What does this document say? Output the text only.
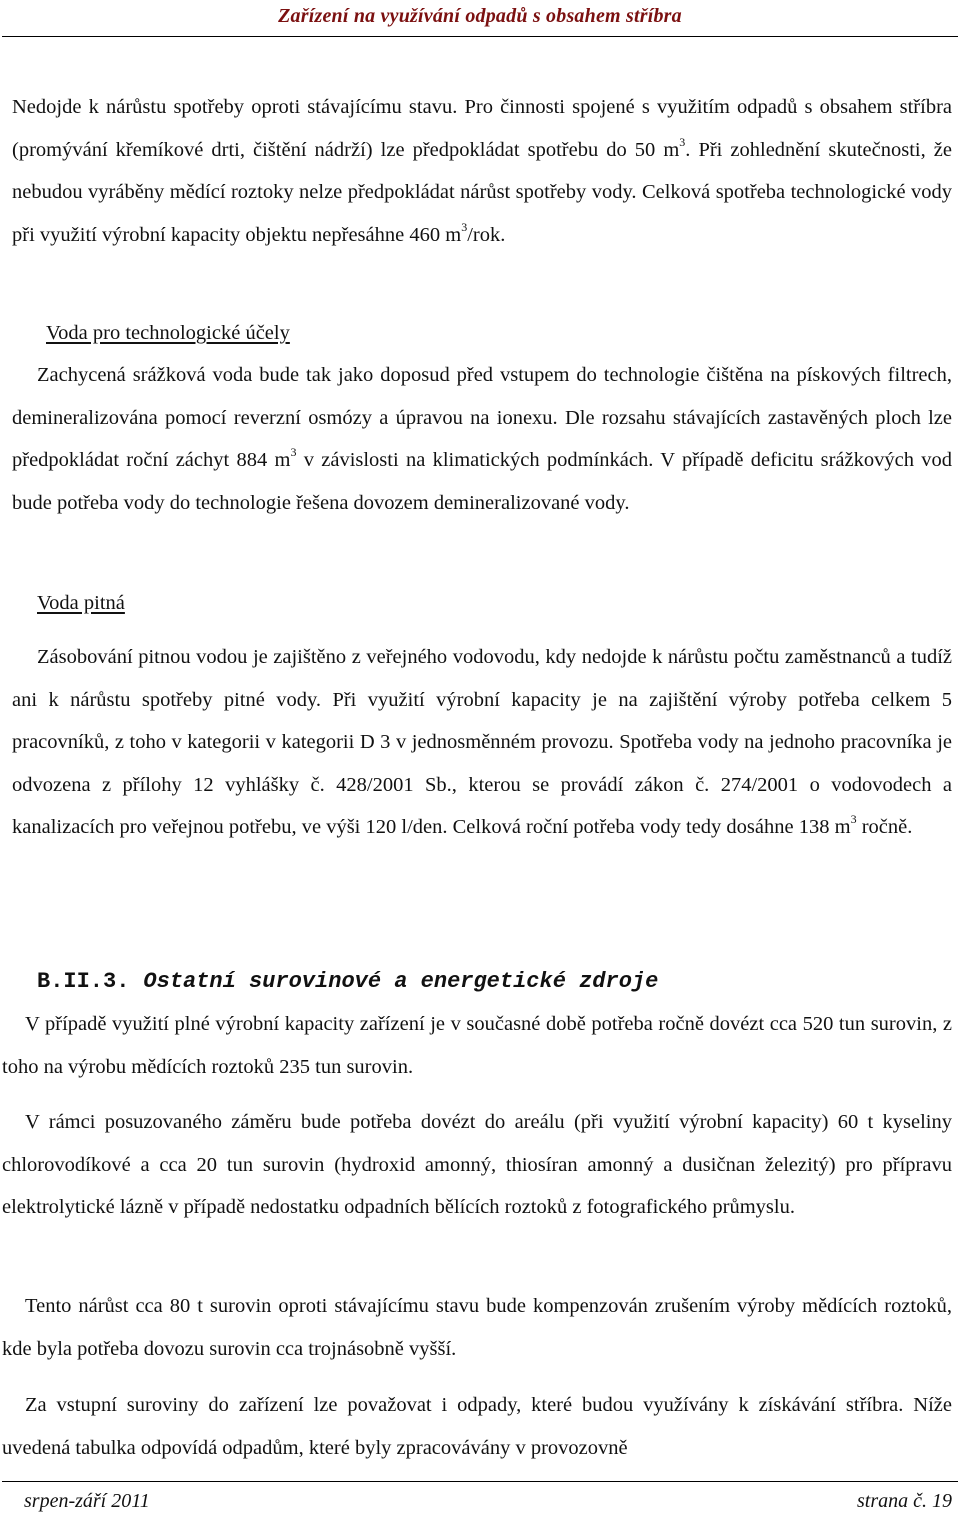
Zařízení na využívání odpadů s obsahem stříbra

Nedojde k nárůstu spotřeby oproti stávajícímu stavu. Pro činnosti spojené s využitím odpadů s obsahem stříbra (promývání křemíkové drti, čištění nádrží) lze předpokládat spotřebu do 50 $m^3$. Při zohlednění skutečnosti, že nebudou vyráběny mědící roztoky nelze předpokládat nárůst spotřeby vody. Celková spotřeba technologické vody při využití výrobní kapacity objektu nepřesáhne 460 $m^3$/rok.

Voda pro technologické účely

Zachycená srážková voda bude tak jako doposud před vstupem do technologie čištěna na pískových filtrech, demineralizována pomocí reverzní osmózy a úpravou na ionexu. Dle rozsahu stávajících zastavěných ploch lze předpokládat roční záchyt 884 $m^3$ v závislosti na klimatických podmínkách. V případě deficitu srážkových vod bude potřeba vody do technologie řešena dovozem demineralizované vody.

Voda pitná

Zásobování pitnou vodou je zajištěno z veřejného vodovodu, kdy nedojde k nárůstu počtu zaměstnanců a tudíž ani k nárůstu spotřeby pitné vody. Při využití výrobní kapacity je na zajištění výroby potřeba celkem 5 pracovníků, z toho v kategorii v kategorii D 3 v jednosměnném provozu. Spotřeba vody na jednoho pracovníka je odvozena z přílohy 12 vyhlášky č. 428/2001 Sb., kterou se provádí zákon č. 274/2001 o vodovodech a kanalizacích pro veřejnou potřebu, ve výši 120 l/den. Celková roční potřeba vody tedy dosáhne 138 $m^3$ ročně.

B.II.3. Ostatní surovinové a energetické zdroje

V případě využití plné výrobní kapacity zařízení je v současné době potřeba ročně dovézt cca 520 tun surovin, z toho na výrobu mědících roztoků 235 tun surovin.

V rámci posuzovaného záměru bude potřeba dovézt do areálu (při využití výrobní kapacity) 60 t kyseliny chlorovodíkové a cca 20 tun surovin (hydroxid amonný, thiosíran amonný a dusičnan železitý) pro přípravu elektrolytické lázně v případě nedostatku odpadních bělících roztoků z fotografického průmyslu.

Tento nárůst cca 80 t surovin oproti stávajícímu stavu bude kompenzován zrušením výroby mědících roztoků, kde byla potřeba dovozu surovin cca trojnásobně vyšší.

Za vstupní suroviny do zařízení lze považovat i odpady, které budou využívány k získávání stříbra. Níže uvedená tabulka odpovídá odpadům, které byly zpracovávány v provozovně

srpen-září 2011	strana č. 19
